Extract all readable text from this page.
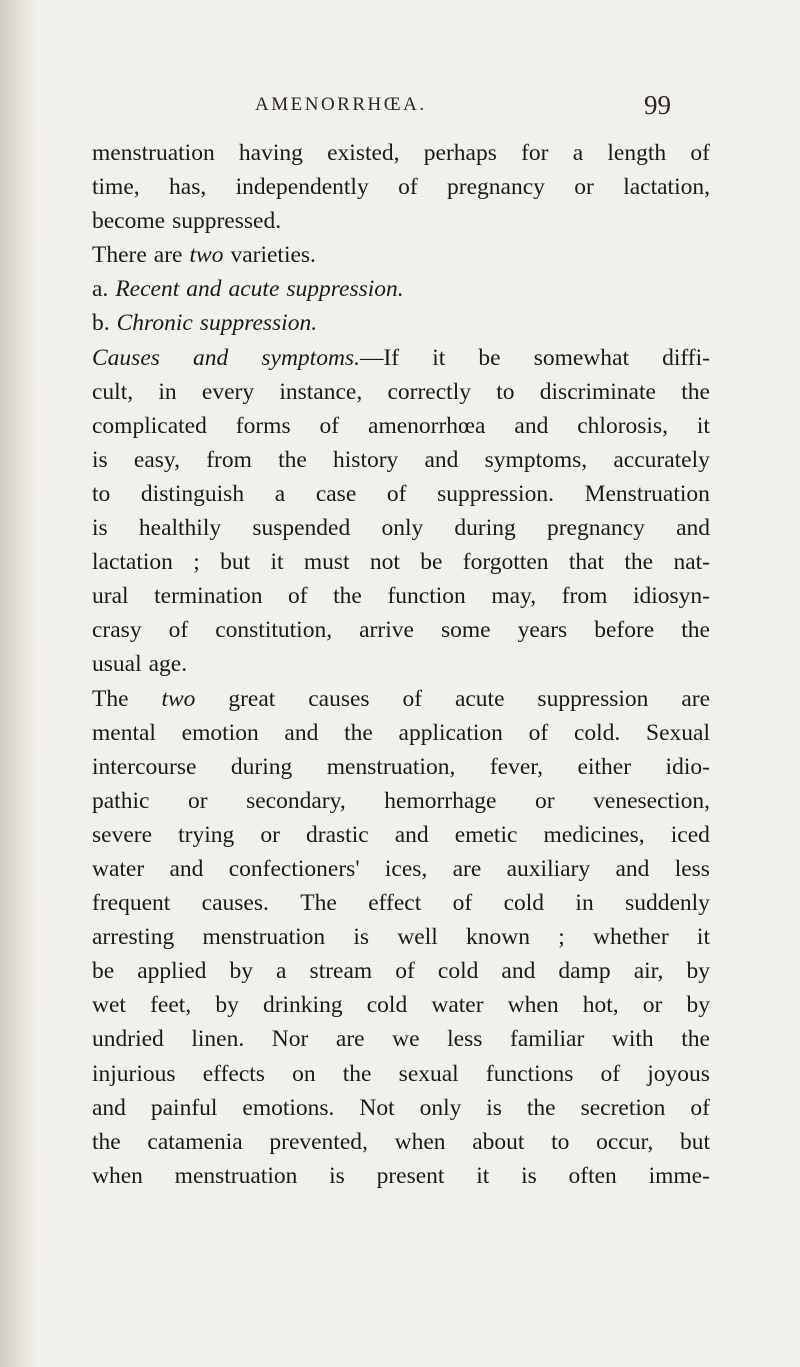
AMENORRHŒA.	99
menstruation having existed, perhaps for a length of
time, has, independently of pregnancy or lactation,
become suppressed.
There are two varieties.
a. Recent and acute suppression.
b. Chronic suppression.
Causes and symptoms.—If it be somewhat diffi-
cult, in every instance, correctly to discriminate the
complicated forms of amenorrhœa and chlorosis, it
is easy, from the history and symptoms, accurately
to distinguish a case of suppression. Menstruation
is healthily suspended only during pregnancy and
lactation ; but it must not be forgotten that the nat-
ural termination of the function may, from idiosyn-
crasy of constitution, arrive some years before the
usual age.
The two great causes of acute suppression are
mental emotion and the application of cold. Sexual
intercourse during menstruation, fever, either idio-
pathic or secondary, hemorrhage or venesection,
severe trying or drastic and emetic medicines, iced
water and confectioners' ices, are auxiliary and less
frequent causes. The effect of cold in suddenly
arresting menstruation is well known ; whether it
be applied by a stream of cold and damp air, by
wet feet, by drinking cold water when hot, or by
undried linen. Nor are we less familiar with the
injurious effects on the sexual functions of joyous
and painful emotions. Not only is the secretion of
the catamenia prevented, when about to occur, but
when menstruation is present it is often imme-
